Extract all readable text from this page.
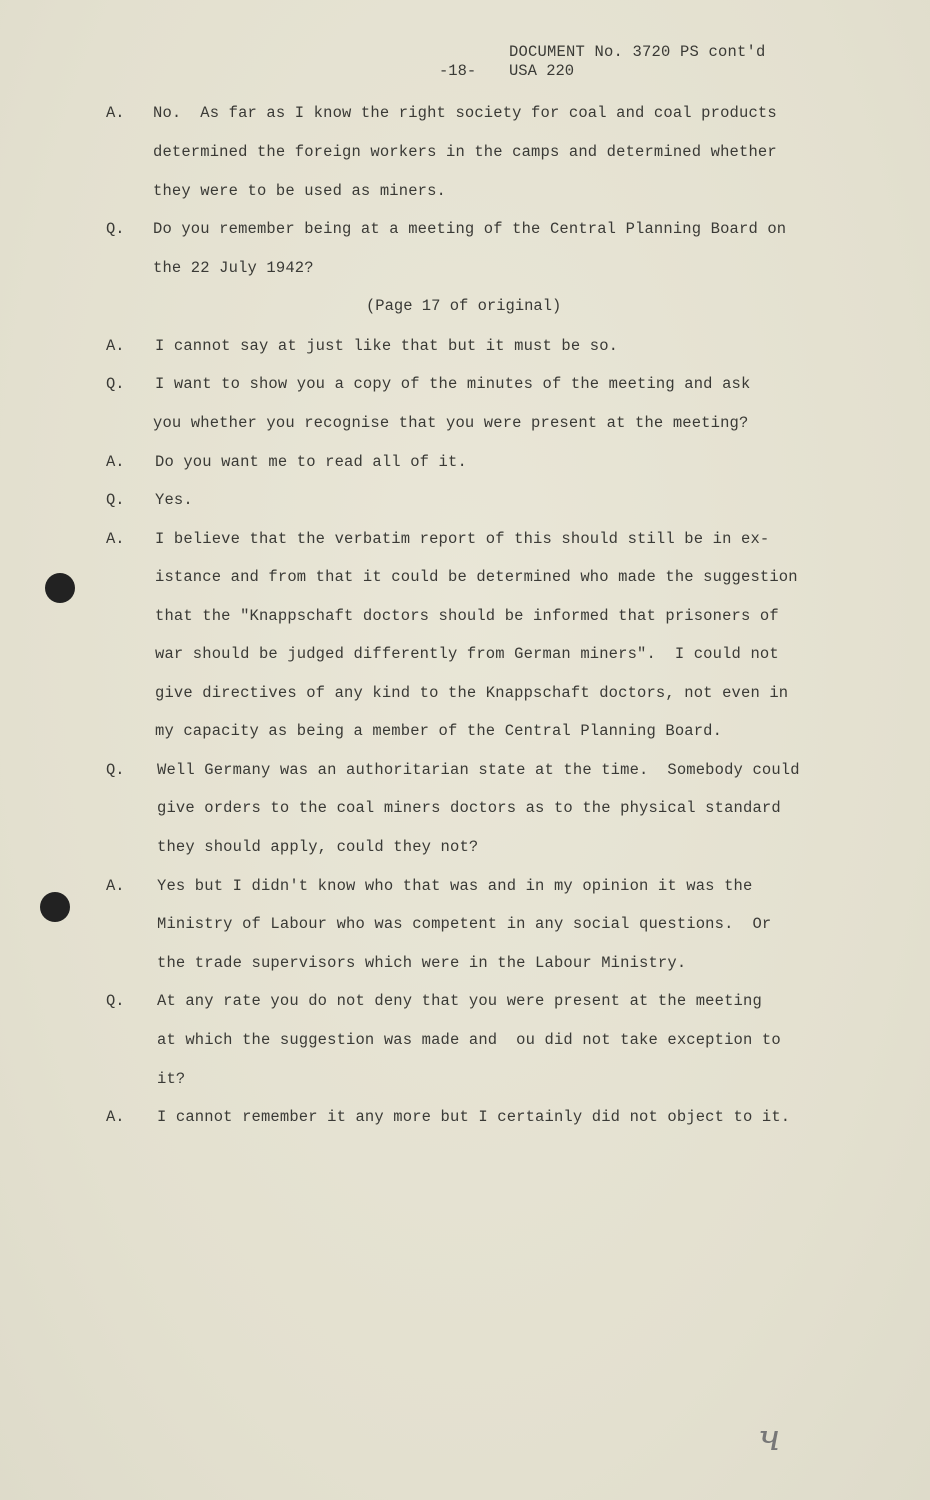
DOCUMENT No. 3720 PS cont'd
-18- USA 220
A. No.  As far as I know the right society for coal and coal products
determined the foreign workers in the camps and determined whether
they were to be used as miners.
Q. Do you remember being at a meeting of the Central Planning Board on
the 22 July 1942?
(Page 17 of original)
A. I cannot say at just like that but it must be so.
Q. I want to show you a copy of the minutes of the meeting and ask
you whether you recognise that you were present at the meeting?
A. Do you want me to read all of it.
Q. Yes.
A. I believe that the verbatim report of this should still be in ex-
istance and from that it could be determined who made the suggestion
that the "Knappschaft doctors should be informed that prisoners of
war should be judged differently from German miners".  I could not
give directives of any kind to the Knappschaft doctors, not even in
my capacity as being a member of the Central Planning Board.
Q. Well Germany was an authoritarian state at the time.  Somebody could
give orders to the coal miners doctors as to the physical standard
they should apply, could they not?
A. Yes but I didn't know who that was and in my opinion it was the
Ministry of Labour who was competent in any social questions.  Or
the trade supervisors which were in the Labour Ministry.
Q. At any rate you do not deny that you were present at the meeting
at which the suggestion was made and  ou did not take exception to
it?
A. I cannot remember it any more but I certainly did not object to it.
ч
